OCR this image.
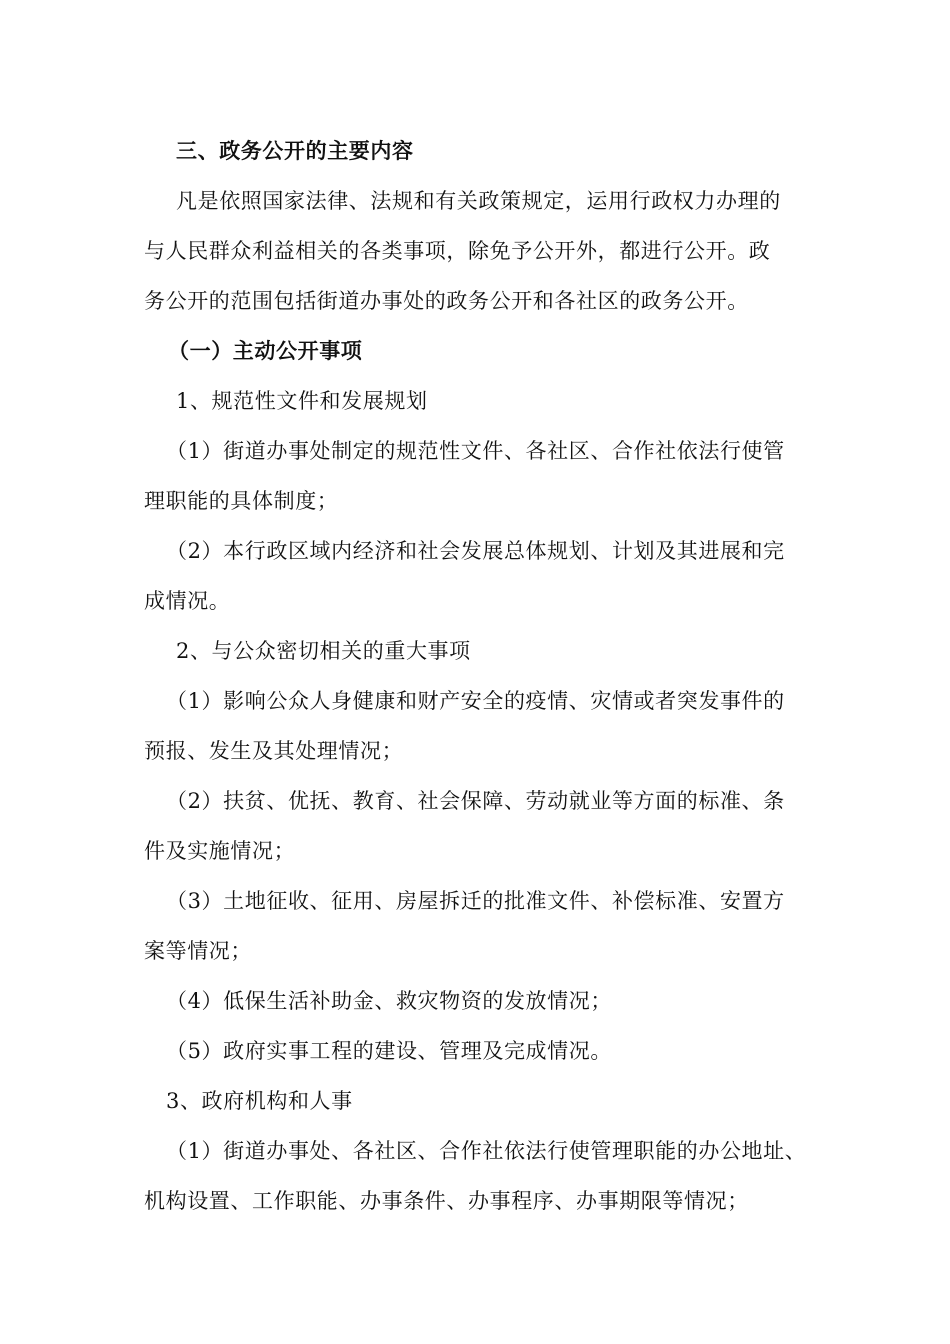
三、政务公开的主要内容
凡是依照国家法律、法规和有关政策规定，运用行政权力办理的
与人民群众利益相关的各类事项，除免予公开外，都进行公开。政
务公开的范围包括街道办事处的政务公开和各社区的政务公开。
（一）主动公开事项
1、规范性文件和发展规划
（1）街道办事处制定的规范性文件、各社区、合作社依法行使管
理职能的具体制度；
（2）本行政区域内经济和社会发展总体规划、计划及其进展和完
成情况。
2、与公众密切相关的重大事项
（1）影响公众人身健康和财产安全的疫情、灾情或者突发事件的
预报、发生及其处理情况；
（2）扶贫、优抚、教育、社会保障、劳动就业等方面的标准、条
件及实施情况；
（3）土地征收、征用、房屋拆迁的批准文件、补偿标准、安置方
案等情况；
（4）低保生活补助金、救灾物资的发放情况；
（5）政府实事工程的建设、管理及完成情况。
3、政府机构和人事
（1）街道办事处、各社区、合作社依法行使管理职能的办公地址、
机构设置、工作职能、办事条件、办事程序、办事期限等情况；
